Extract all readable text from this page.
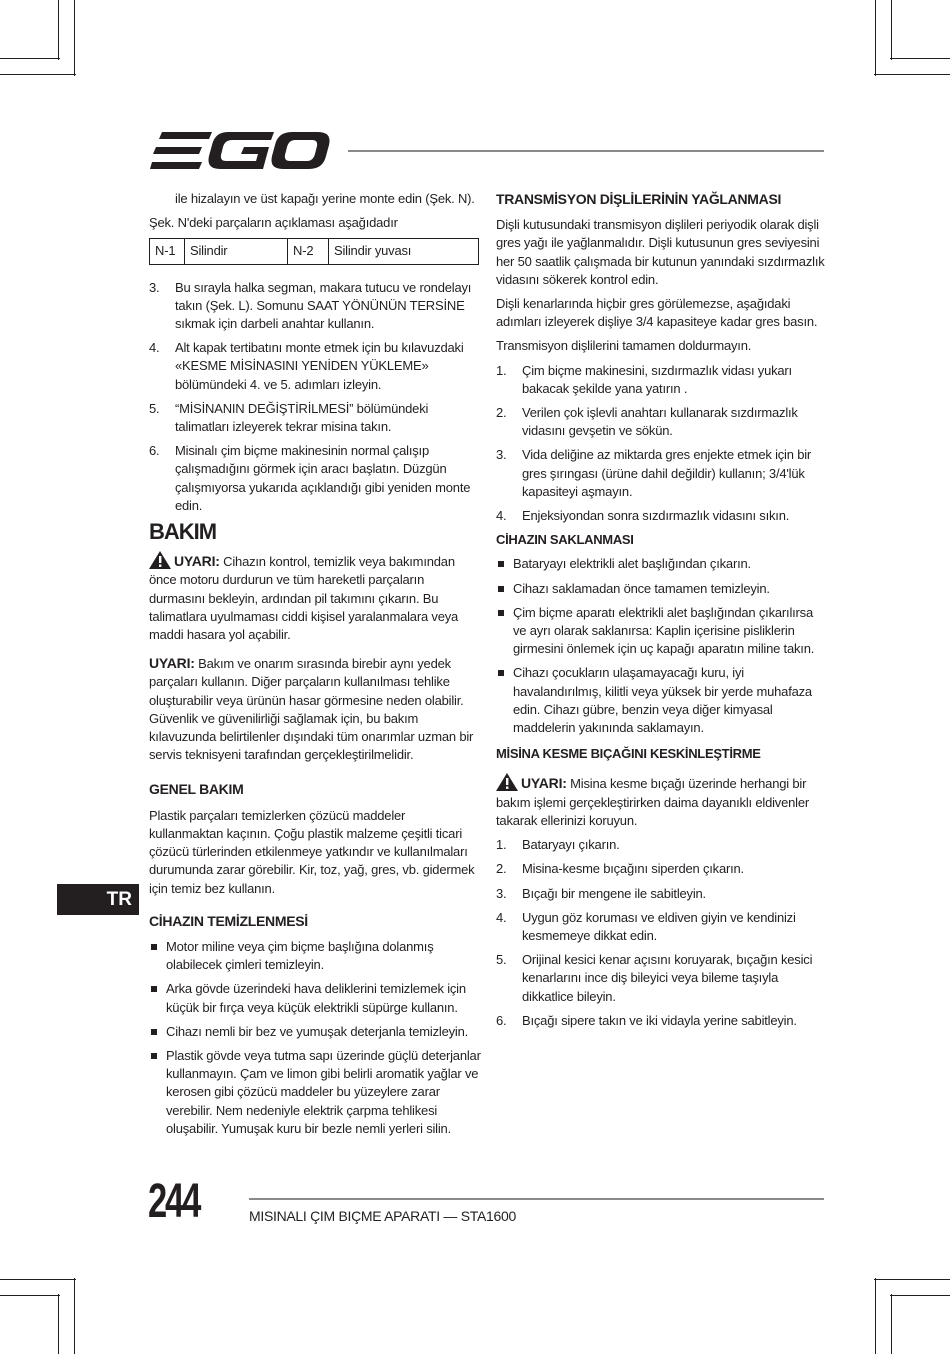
TR

ile hizalayın ve üst kapağı yerine monte edin (Şek. N).

Şek. N'deki parçaların açıklaması aşağıdadır

N-1	Silindir	N-2	Silindir yuvası
3. Bu sırayla halka segman, makara tutucu ve rondelayı takın (Şek. L). Somunu SAAT YÖNÜNÜN TERSİNE sıkmak için darbeli anahtar kullanın.
4. Alt kapak tertibatını monte etmek için bu kılavuzdaki «KESME MİSİNASINI YENİDEN YÜKLEME» bölümündeki 4. ve 5. adımları izleyin.
5. “MİSİNANIN DEĞİŞTİRİLMESİ” bölümündeki talimatları izleyerek tekrar misina takın.
6. Misinalı çim biçme makinesinin normal çalışıp çalışmadığını görmek için aracı başlatın. Düzgün çalışmıyorsa yukarıda açıklandığı gibi yeniden monte edin.
BAKIM

UYARI: Cihazın kontrol, temizlik veya bakımından önce motoru durdurun ve tüm hareketli parçaların durmasını bekleyin, ardından pil takımını çıkarın. Bu talimatlara uyulmaması ciddi kişisel yaralanmalara veya maddi hasara yol açabilir.

UYARI: Bakım ve onarım sırasında birebir aynı yedek parçaları kullanın. Diğer parçaların kullanılması tehlike oluşturabilir veya ürünün hasar görmesine neden olabilir. Güvenlik ve güvenilirliği sağlamak için, bu bakım kılavuzunda belirtilenler dışındaki tüm onarımlar uzman bir servis teknisyeni tarafından gerçekleştirilmelidir.

GENEL BAKIM

Plastik parçaları temizlerken çözücü maddeler kullanmaktan kaçının. Çoğu plastik malzeme çeşitli ticari çözücü türlerinden etkilenmeye yatkındır ve kullanılmaları durumunda zarar görebilir. Kir, toz, yağ, gres, vb. gidermek için temiz bez kullanın.

CİHAZIN TEMİZLENMESİ
Motor miline veya çim biçme başlığına dolanmış olabilecek çimleri temizleyin.
Arka gövde üzerindeki hava deliklerini temizlemek için küçük bir fırça veya küçük elektrikli süpürge kullanın.
Cihazı nemli bir bez ve yumuşak deterjanla temizleyin.
Plastik gövde veya tutma sapı üzerinde güçlü deterjanlar kullanmayın. Çam ve limon gibi belirli aromatik yağlar ve kerosen gibi çözücü maddeler bu yüzeylere zarar verebilir. Nem nedeniyle elektrik çarpma tehlikesi oluşabilir. Yumuşak kuru bir bezle nemli yerleri silin.
TRANSMİSYON DİŞLİLERİNİN YAĞLANMASI

Dişli kutusundaki transmisyon dişlileri periyodik olarak dişli gres yağı ile yağlanmalıdır. Dişli kutusunun gres seviyesini her 50 saatlik çalışmada bir kutunun yanındaki sızdırmazlık vidasını sökerek kontrol edin.

Dişli kenarlarında hiçbir gres görülemezse, aşağıdaki adımları izleyerek dişliye 3/4 kapasiteye kadar gres basın.

Transmisyon dişlilerini tamamen doldurmayın.

1. Çim biçme makinesini, sızdırmazlık vidası yukarı bakacak şekilde yana yatırın .
2. Verilen çok işlevli anahtarı kullanarak sızdırmazlık vidasını gevşetin ve sökün.
3. Vida deliğine az miktarda gres enjekte etmek için bir gres şırıngası (ürüne dahil değildir) kullanın; 3/4'lük kapasiteyi aşmayın.
4. Enjeksiyondan sonra sızdırmazlık vidasını sıkın.
CİHAZIN SAKLANMASI
Bataryayı elektrikli alet başlığından çıkarın.
Cihazı saklamadan önce tamamen temizleyin.
Çim biçme aparatı elektrikli alet başlığından çıkarılırsa ve ayrı olarak saklanırsa: Kaplin içerisine pisliklerin girmesini önlemek için uç kapağı aparatın miline takın.
Cihazı çocukların ulaşamayacağı kuru, iyi havalandırılmış, kilitli veya yüksek bir yerde muhafaza edin. Cihazı gübre, benzin veya diğer kimyasal maddelerin yakınında saklamayın.
MİSİNA KESME BIÇAĞINI KESKİNLEŞTİRME

UYARI: Misina kesme bıçağı üzerinde herhangi bir bakım işlemi gerçekleştirirken daima dayanıklı eldivenler takarak ellerinizi koruyun.

1. Bataryayı çıkarın.
2. Misina-kesme bıçağını siperden çıkarın.
3. Bıçağı bir mengene ile sabitleyin.
4. Uygun göz koruması ve eldiven giyin ve kendinizi kesmemeye dikkat edin.
5. Orijinal kesici kenar açısını koruyarak, bıçağın kesici kenarlarını ince diş bileyici veya bileme taşıyla dikkatlice bileyin.
6. Bıçağı sipere takın ve iki vidayla yerine sabitleyin.
244	MISINALI ÇIM BIÇME APARATI — STA1600
